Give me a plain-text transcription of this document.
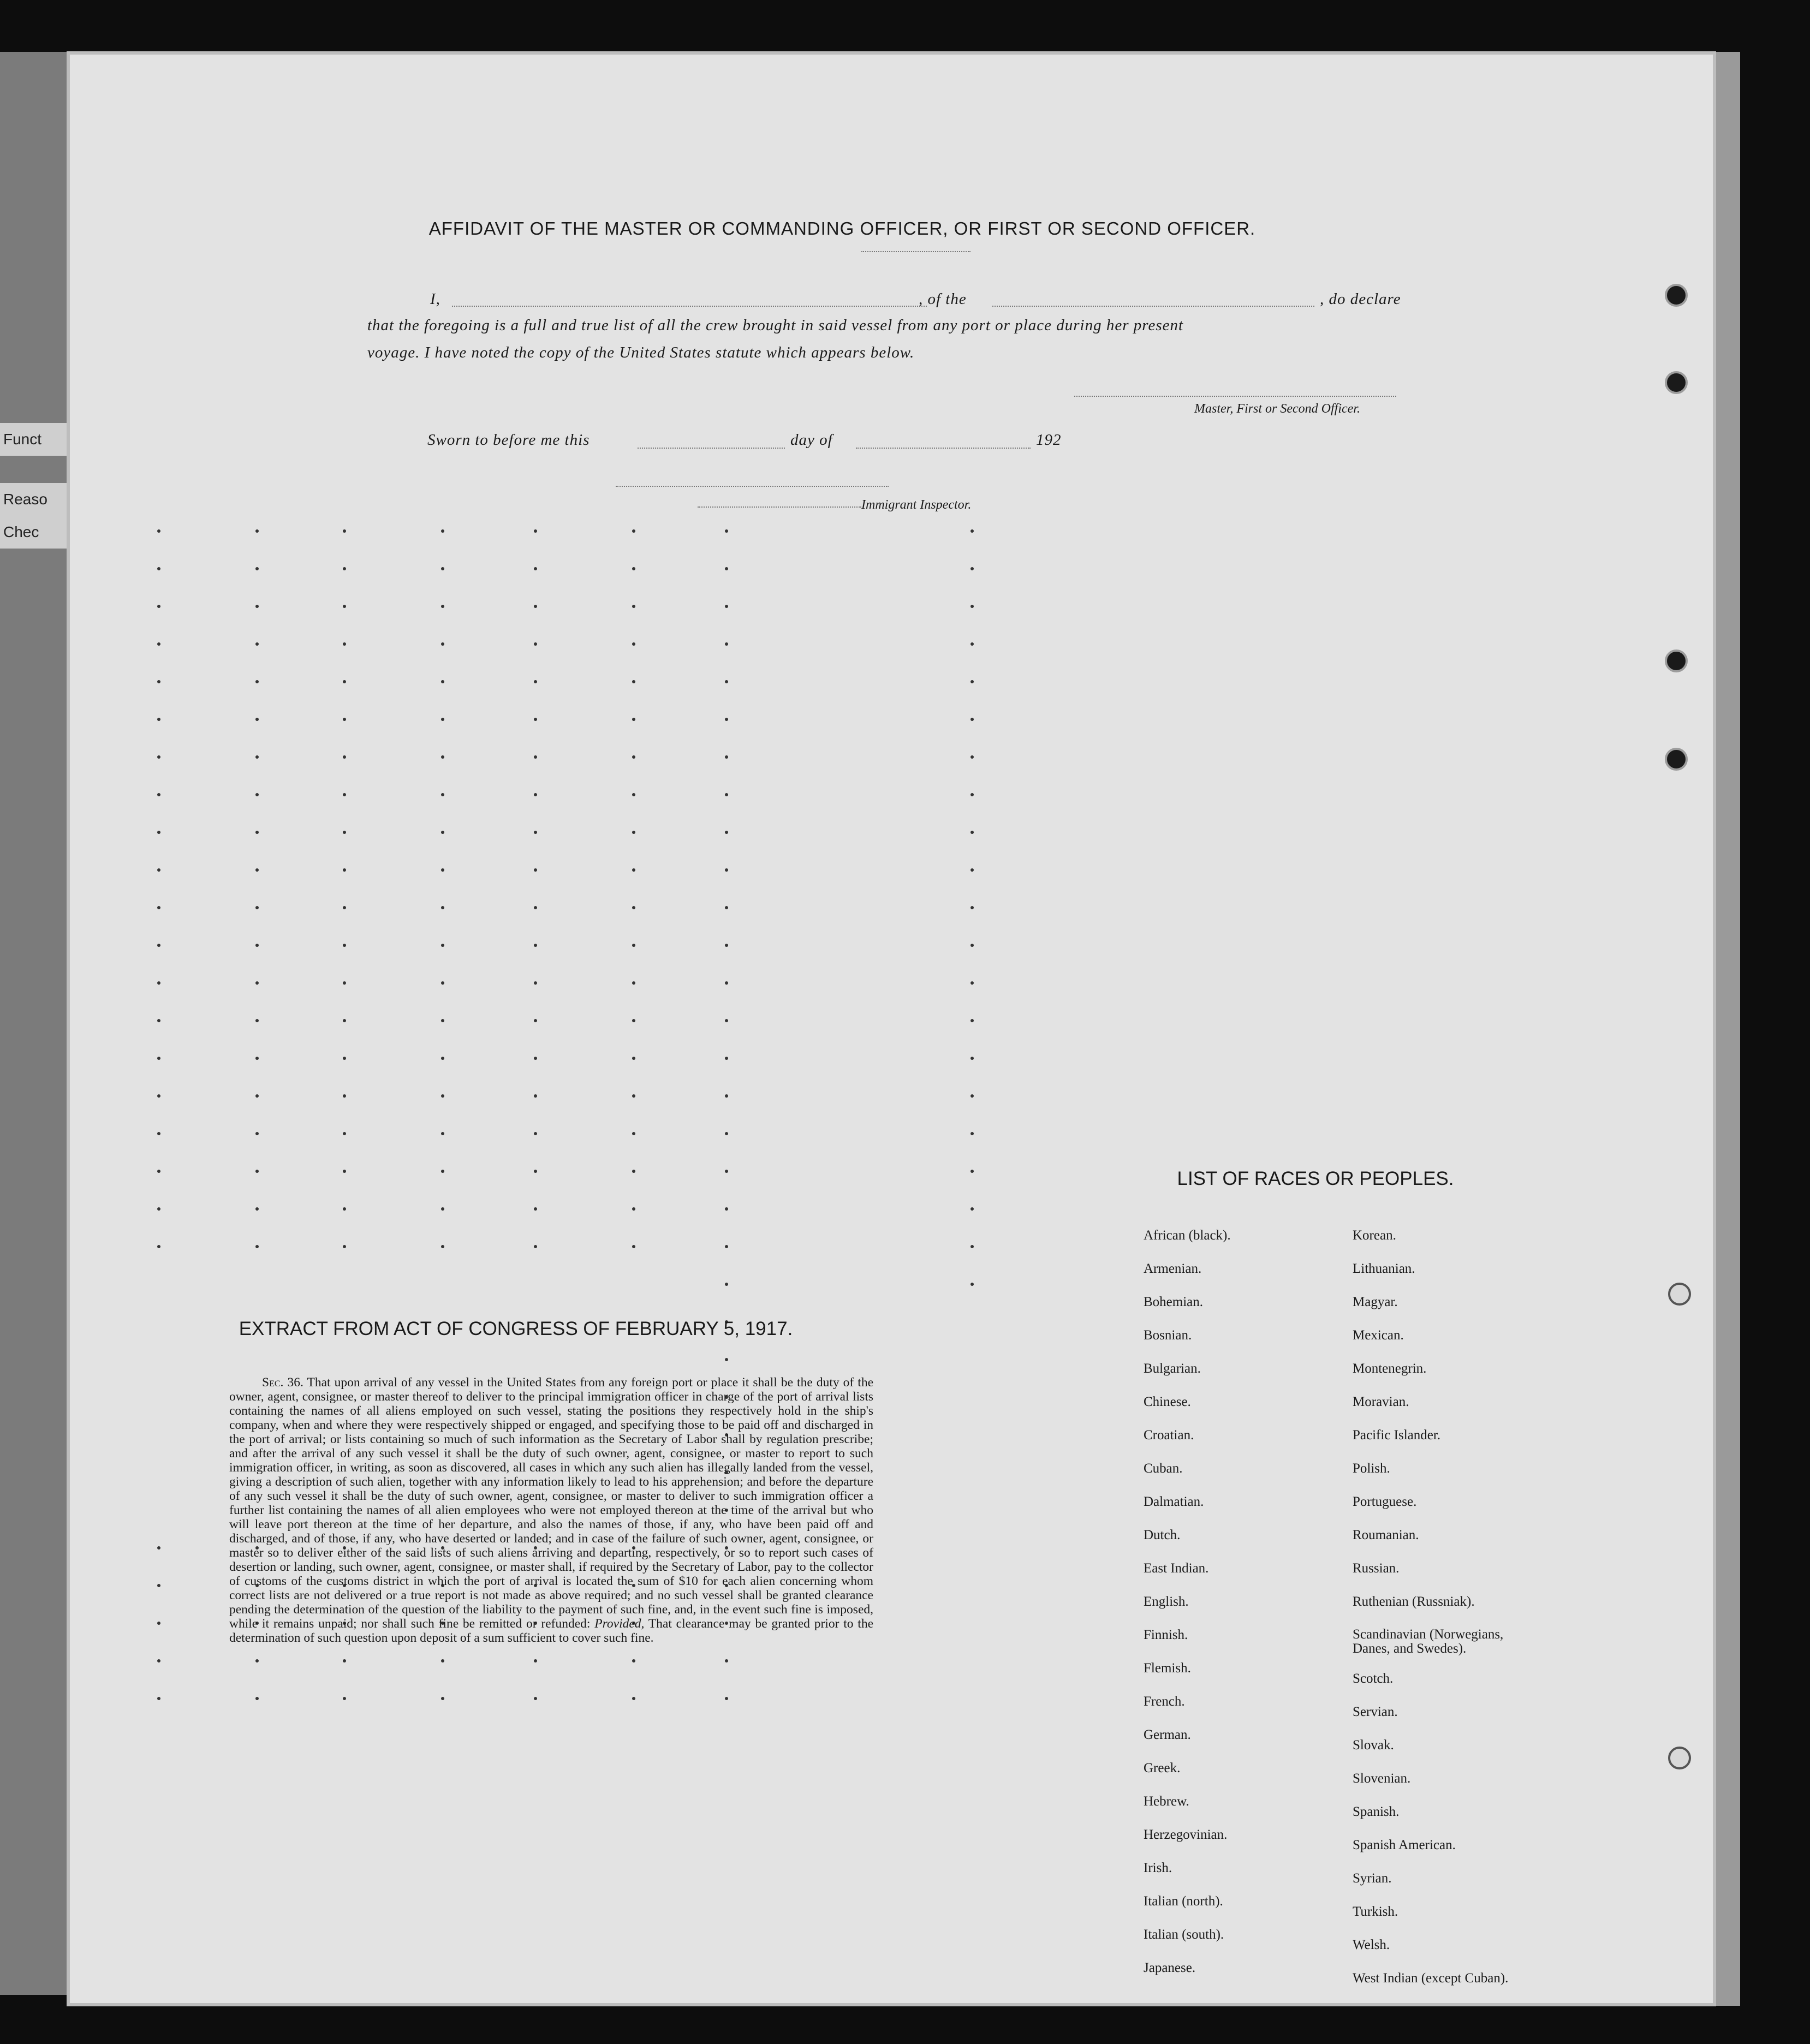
Funct
Reaso
Chec
AFFIDAVIT OF THE MASTER OR COMMANDING OFFICER, OR FIRST OR SECOND OFFICER.
I,	, of the	, do declare
that the foregoing is a full and true list of all the crew brought in said vessel from any port or place during her present
voyage. I have noted the copy of the United States statute which appears below.
Master, First or Second Officer.
Sworn to before me this	day of	192
Immigrant Inspector.
EXTRACT FROM ACT OF CONGRESS OF FEBRUARY 5, 1917.
Sec. 36. That upon arrival of any vessel in the United States from any foreign port or place it shall be the duty of the owner, agent, consignee, or master thereof to deliver to the principal immigration officer in charge of the port of arrival lists containing the names of all aliens employed on such vessel, stating the positions they respectively hold in the ship's company, when and where they were respectively shipped or engaged, and specifying those to be paid off and discharged in the port of arrival; or lists containing so much of such information as the Secretary of Labor shall by regulation prescribe; and after the arrival of any such vessel it shall be the duty of such owner, agent, consignee, or master to report to such immigration officer, in writing, as soon as discovered, all cases in which any such alien has illegally landed from the vessel, giving a description of such alien, together with any information likely to lead to his apprehension; and before the departure of any such vessel it shall be the duty of such owner, agent, consignee, or master to deliver to such immigration officer a further list containing the names of all alien employees who were not employed thereon at the time of the arrival but who will leave port thereon at the time of her departure, and also the names of those, if any, who have been paid off and discharged, and of those, if any, who have deserted or landed; and in case of the failure of such owner, agent, consignee, or master so to deliver either of the said lists of such aliens arriving and departing, respectively, or so to report such cases of desertion or landing, such owner, agent, consignee, or master shall, if required by the Secretary of Labor, pay to the collector of customs of the customs district in which the port of arrival is located the sum of $10 for each alien concerning whom correct lists are not delivered or a true report is not made as above required; and no such vessel shall be granted clearance pending the determination of the question of the liability to the payment of such fine, and, in the event such fine is imposed, while it remains unpaid; nor shall such fine be remitted or refunded: Provided, That clearance may be granted prior to the determination of such question upon deposit of a sum sufficient to cover such fine.
LIST OF RACES OR PEOPLES.
African (black).
Armenian.
Bohemian.
Bosnian.
Bulgarian.
Chinese.
Croatian.
Cuban.
Dalmatian.
Dutch.
East Indian.
English.
Finnish.
Flemish.
French.
German.
Greek.
Hebrew.
Herzegovinian.
Irish.
Italian (north).
Italian (south).
Japanese.
Korean.
Lithuanian.
Magyar.
Mexican.
Montenegrin.
Moravian.
Pacific Islander.
Polish.
Portuguese.
Roumanian.
Russian.
Ruthenian (Russniak).
Scandinavian (Norwegians, Danes, and Swedes).
Scotch.
Servian.
Slovak.
Slovenian.
Spanish.
Spanish American.
Syrian.
Turkish.
Welsh.
West Indian (except Cuban).
